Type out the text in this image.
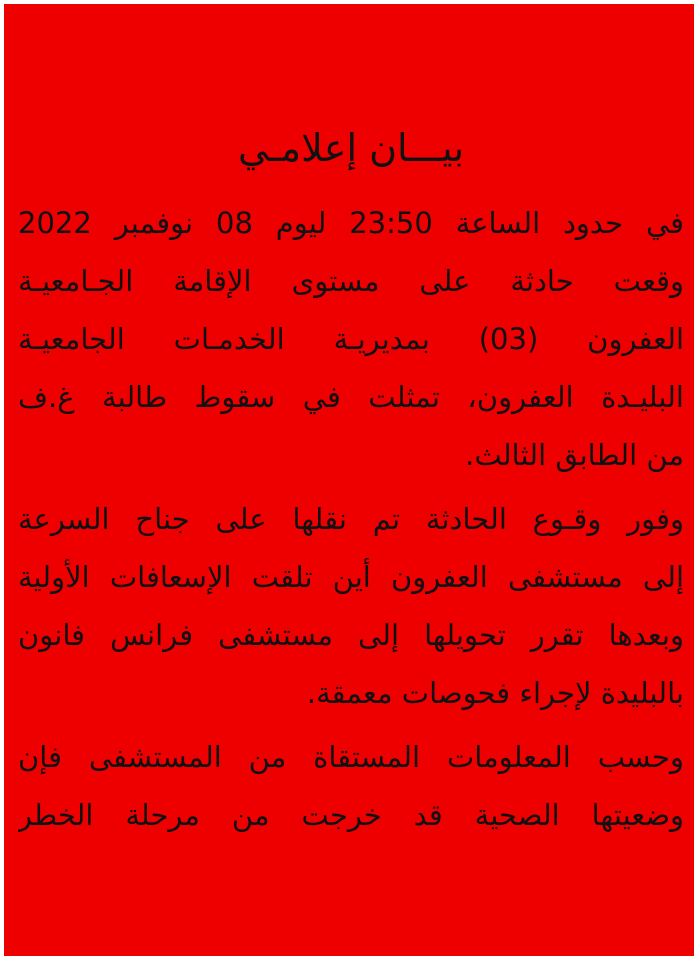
بيـــان إعلامـي
في حدود الساعة 23:50 ليوم 08 نوفمبر 2022
وقعت حادثة على مستوى الإقامة الجـامعيـة
العفرون (03) بمديريـة الخدمـات الجامعيـة
البليـدة العفرون، تمثلت في سقوط طالبة غ.ف
من الطابق الثالث.
وفور وقـوع الحادثة تم نقلها على جناح السرعة
إلى مستشفى العفرون أين تلقت الإسعافات الأولية
وبعدها تقرر تحويلها إلى مستشفى فرانس فانون
بالبليدة لإجراء فحوصات معمقة.
وحسب المعلومات المستقاة من المستشفى فإن
وضعيتها الصحية قد خرجت من مرحلة الخطر
